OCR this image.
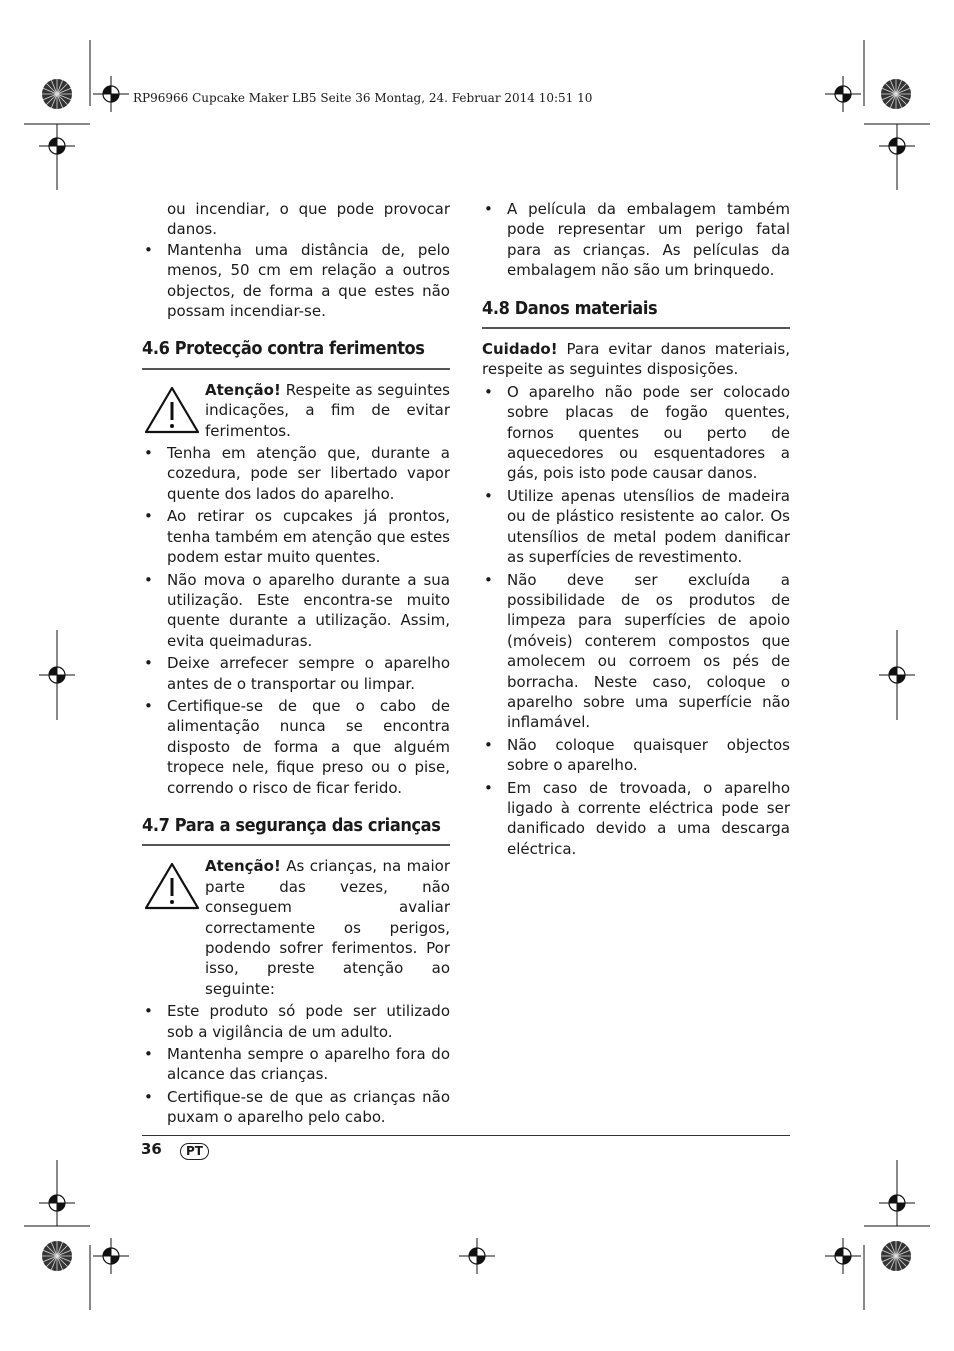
RP96966 Cupcake Maker LB5 Seite 36 Montag, 24. Februar 2014 10:51 10

ou incendiar, o que pode provocar danos.

• Mantenha uma distância de, pelo menos, 50 cm em relação a outros objectos, de forma a que estes não possam incendiar-se.
4.6 Protecção contra ferimentos
Atenção! Respeite as seguintes indicações, a fim de evitar ferimentos.
• Tenha em atenção que, durante a cozedura, pode ser libertado vapor quente dos lados do aparelho.
• Ao retirar os cupcakes já prontos, tenha também em atenção que estes podem estar muito quentes.
• Não mova o aparelho durante a sua utilização. Este encontra-se muito quente durante a utilização. Assim, evita queimaduras.
• Deixe arrefecer sempre o aparelho antes de o transportar ou limpar.
• Certifique-se de que o cabo de alimentação nunca se encontra disposto de forma a que alguém tropece nele, fique preso ou o pise, correndo o risco de ficar ferido.
4.7 Para a segurança das crianças
Atenção! As crianças, na maior parte das vezes, não conseguem avaliar correctamente os perigos, podendo sofrer ferimentos. Por isso, preste atenção ao seguinte:
• Este produto só pode ser utilizado sob a vigilância de um adulto.
• Mantenha sempre o aparelho fora do alcance das crianças.
• Certifique-se de que as crianças não puxam o aparelho pelo cabo.
• A película da embalagem também pode representar um perigo fatal para as crianças. As películas da embalagem não são um brinquedo.
4.8 Danos materiais

Cuidado! Para evitar danos materiais, respeite as seguintes disposições.

• O aparelho não pode ser colocado sobre placas de fogão quentes, fornos quentes ou perto de aquecedores ou esquentadores a gás, pois isto pode causar danos.
• Utilize apenas utensílios de madeira ou de plástico resistente ao calor. Os utensílios de metal podem danificar as superfícies de revestimento.
• Não deve ser excluída a possibilidade de os produtos de limpeza para superfícies de apoio (móveis) conterem compostos que amolecem ou corroem os pés de borracha. Neste caso, coloque o aparelho sobre uma superfície não inflamável.
• Não coloque quaisquer objectos sobre o aparelho.
• Em caso de trovoada, o aparelho ligado à corrente eléctrica pode ser danificado devido a uma descarga eléctrica.
36	PT
